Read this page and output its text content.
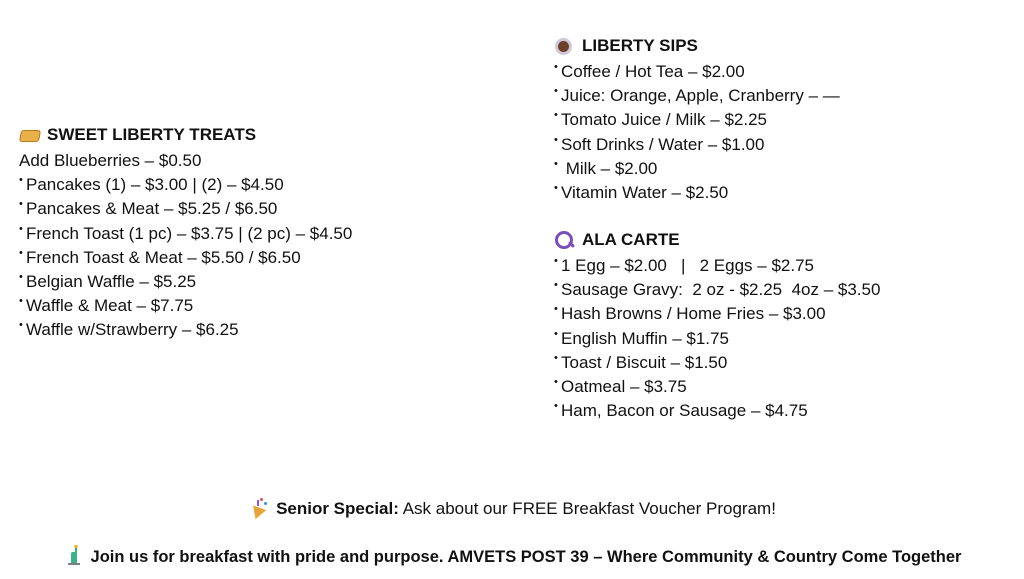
SWEET LIBERTY TREATS
Add Blueberries – $0.50
• Pancakes (1) – $3.00 | (2) – $4.50
• Pancakes & Meat – $5.25 / $6.50
• French Toast (1 pc) – $3.75 | (2 pc) – $4.50
• French Toast & Meat – $5.50 / $6.50
• Belgian Waffle – $5.25
• Waffle & Meat – $7.75
• Waffle w/Strawberry – $6.25
LIBERTY SIPS
• Coffee / Hot Tea – $2.00
• Juice: Orange, Apple, Cranberry – —
• Tomato Juice / Milk – $2.25
• Soft Drinks / Water – $1.00
•  Milk – $2.00
• Vitamin Water – $2.50
ALA CARTE
• 1 Egg – $2.00   |   2 Eggs – $2.75
• Sausage Gravy:  2 oz - $2.25  4oz – $3.50
• Hash Browns / Home Fries – $3.00
• English Muffin – $1.75
• Toast / Biscuit – $1.50
• Oatmeal – $3.75
• Ham, Bacon or Sausage – $4.75
Senior Special: Ask about our FREE Breakfast Voucher Program!
Join us for breakfast with pride and purpose. AMVETS POST 39 – Where Community & Country Come Together
